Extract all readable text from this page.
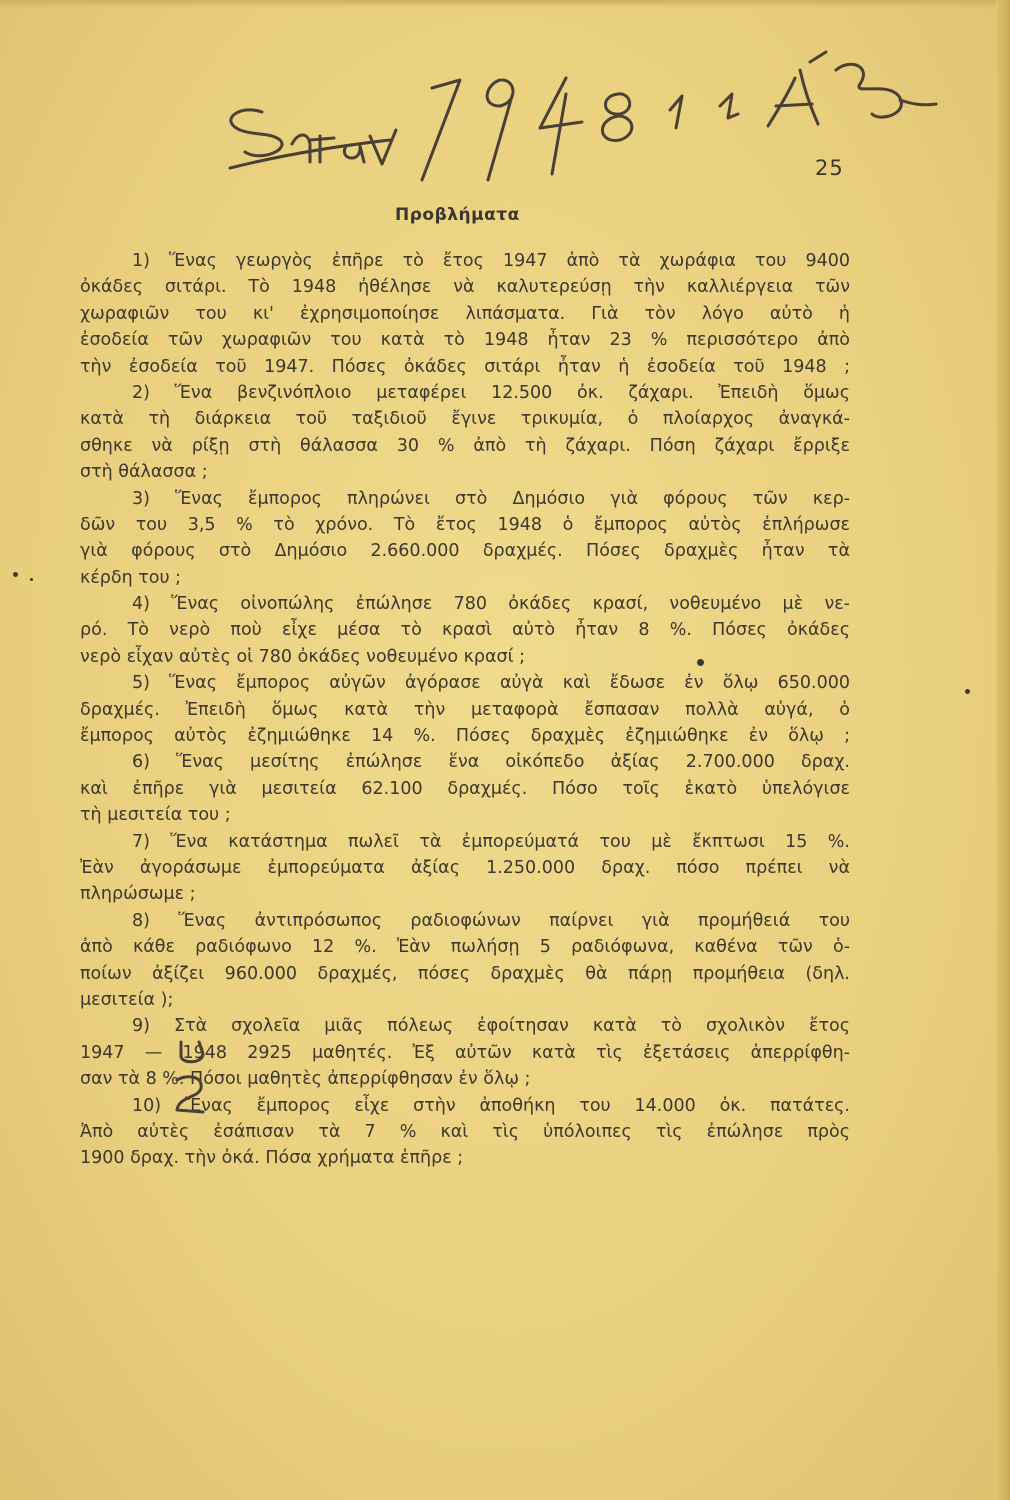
25
Προβλήματα
1) Ἕνας γεωργὸς ἐπῆρε τὸ ἔτος 1947 ἀπὸ τὰ χωράφια του 9400
ὀκάδες σιτάρι. Τὸ 1948 ἠθέλησε νὰ καλυτερεύσῃ τὴν καλλιέργεια τῶν
χωραφιῶν του κι' ἐχρησιμοποίησε λιπάσματα. Γιὰ τὸν λόγο αὐτὸ ἡ
ἐσοδεία τῶν χωραφιῶν του κατὰ τὸ 1948 ἦταν 23 % περισσότερο ἀπὸ
τὴν ἐσοδεία τοῦ 1947. Πόσες ὀκάδες σιτάρι ἦταν ἡ ἐσοδεία τοῦ 1948 ;
2) Ἕνα βενζινόπλοιο μεταφέρει 12.500 ὀκ. ζάχαρι. Ἐπειδὴ ὅμως
κατὰ τὴ διάρκεια τοῦ ταξιδιοῦ ἔγινε τρικυμία, ὁ πλοίαρχος ἀναγκά-
σθηκε νὰ ρίξῃ στὴ θάλασσα 30 % ἀπὸ τὴ ζάχαρι. Πόση ζάχαρι ἔρριξε
στὴ θάλασσα ;
3) Ἕνας ἔμπορος πληρώνει στὸ Δημόσιο γιὰ φόρους τῶν κερ-
δῶν του 3,5 % τὸ χρόνο. Τὸ ἔτος 1948 ὁ ἔμπορος αὐτὸς ἐπλήρωσε
γιὰ φόρους στὸ Δημόσιο 2.660.000 δραχμές. Πόσες δραχμὲς ἦταν τὰ
κέρδη του ;
4) Ἕνας οἰνοπώλης ἐπώλησε 780 ὀκάδες κρασί, νοθευμένο μὲ νε-
ρό. Τὸ νερὸ ποὺ εἶχε μέσα τὸ κρασὶ αὐτὸ ἦταν 8 %. Πόσες ὀκάδες
νερὸ εἶχαν αὐτὲς οἱ 780 ὀκάδες νοθευμένο κρασί ;
5) Ἕνας ἔμπορος αὐγῶν ἀγόρασε αὐγὰ καὶ ἔδωσε ἐν ὅλῳ 650.000
δραχμές. Ἐπειδὴ ὅμως κατὰ τὴν μεταφορὰ ἔσπασαν πολλὰ αὐγά, ὁ
ἔμπορος αὐτὸς ἐζημιώθηκε 14 %. Πόσες δραχμὲς ἐζημιώθηκε ἐν ὅλῳ ;
6) Ἕνας μεσίτης ἐπώλησε ἕνα οἰκόπεδο ἀξίας 2.700.000 δραχ.
καὶ ἐπῆρε γιὰ μεσιτεία 62.100 δραχμές. Πόσο τοῖς ἑκατὸ ὑπελόγισε
τὴ μεσιτεία του ;
7) Ἕνα κατάστημα πωλεῖ τὰ ἐμπορεύματά του μὲ ἔκπτωσι 15 %.
Ἐὰν ἀγοράσωμε ἐμπορεύματα ἀξίας 1.250.000 δραχ. πόσο πρέπει νὰ
πληρώσωμε ;
8) Ἕνας ἀντιπρόσωπος ραδιοφώνων παίρνει γιὰ προμήθειά του
ἀπὸ κάθε ραδιόφωνο 12 %. Ἐὰν πωλήσῃ 5 ραδιόφωνα, καθένα τῶν ὁ-
ποίων ἀξίζει 960.000 δραχμές, πόσες δραχμὲς θὰ πάρῃ προμήθεια (δηλ.
μεσιτεία );
9) Στὰ σχολεῖα μιᾶς πόλεως ἐφοίτησαν κατὰ τὸ σχολικὸν ἔτος
1947 — 1948 2925 μαθητές. Ἐξ αὐτῶν κατὰ τὶς ἐξετάσεις ἀπερρίφθη-
σαν τὰ 8 %. Πόσοι μαθητὲς ἀπερρίφθησαν ἐν ὅλῳ ;
10) Ἕνας ἔμπορος εἶχε στὴν ἀποθήκη του 14.000 ὀκ. πατάτες.
Ἀπὸ αὐτὲς ἐσάπισαν τὰ 7 % καὶ τὶς ὑπόλοιπες τὶς ἐπώλησε πρὸς
1900 δραχ. τὴν ὀκά. Πόσα χρήματα ἐπῆρε ;
